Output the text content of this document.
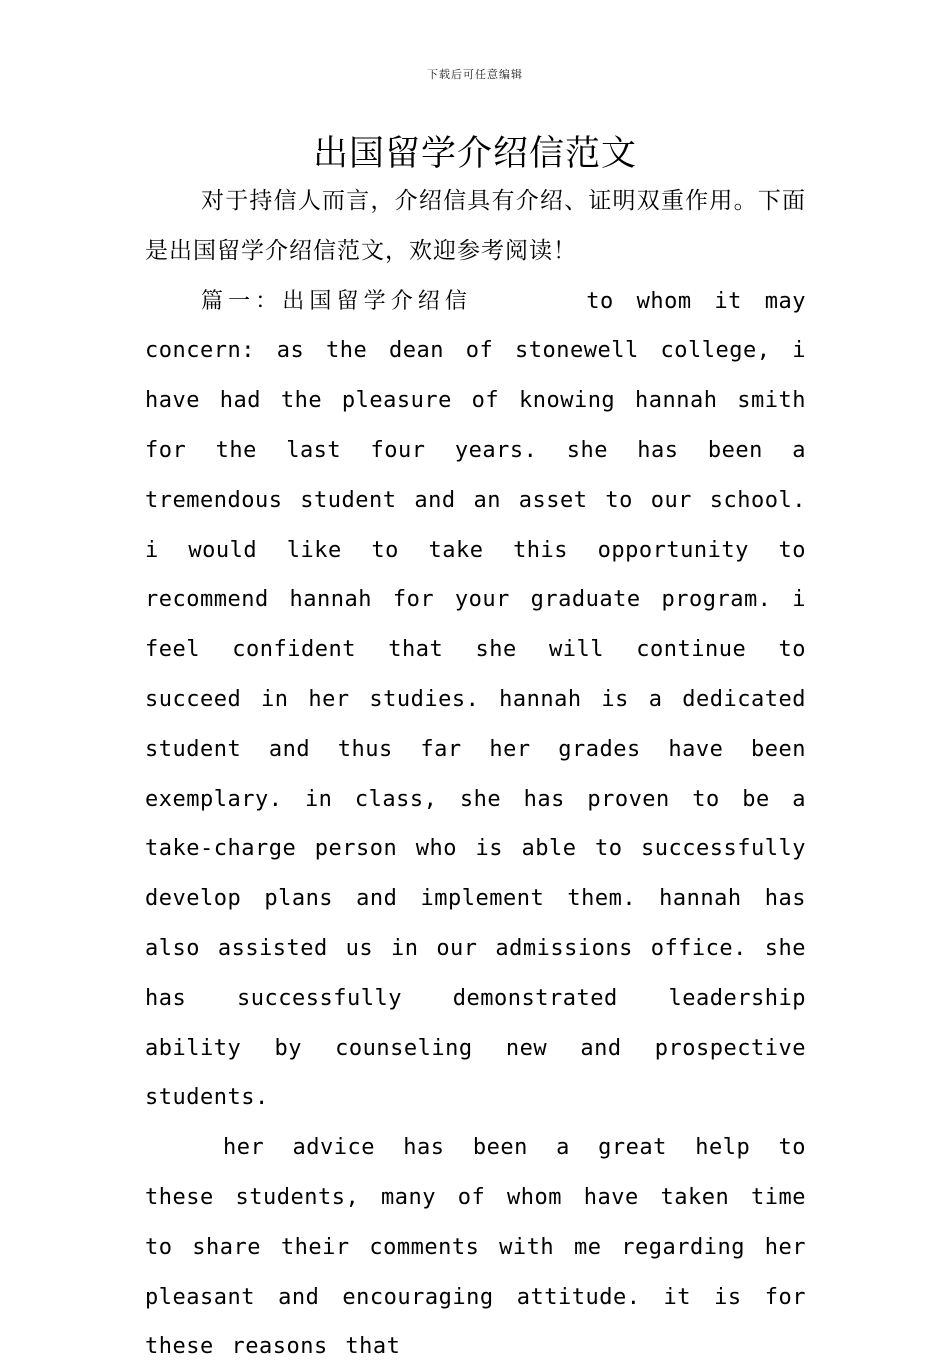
下载后可任意编辑
出国留学介绍信范文

对于持信人而言，介绍信具有介绍、证明双重作用。下面是出国留学介绍信范文，欢迎参考阅读！

篇一：出国留学介绍信	to whom it may concern: as the dean of stonewell college, i have had the pleasure of knowing hannah smith for the last four years. she has been a tremendous student and an asset to our school. i would like to take this opportunity to recommend hannah for your graduate program. i feel confident that she will continue to succeed in her studies. hannah is a dedicated student and thus far her grades have been exemplary. in class, she has proven to be a take-charge person who is able to successfully develop plans and implement them. hannah has also assisted us in our admissions office. she has successfully demonstrated leadership ability by counseling new and prospective students.

her advice has been a great help to these students, many of whom have taken time to share their comments with me regarding her pleasant and encouraging attitude. it is for these reasons that
